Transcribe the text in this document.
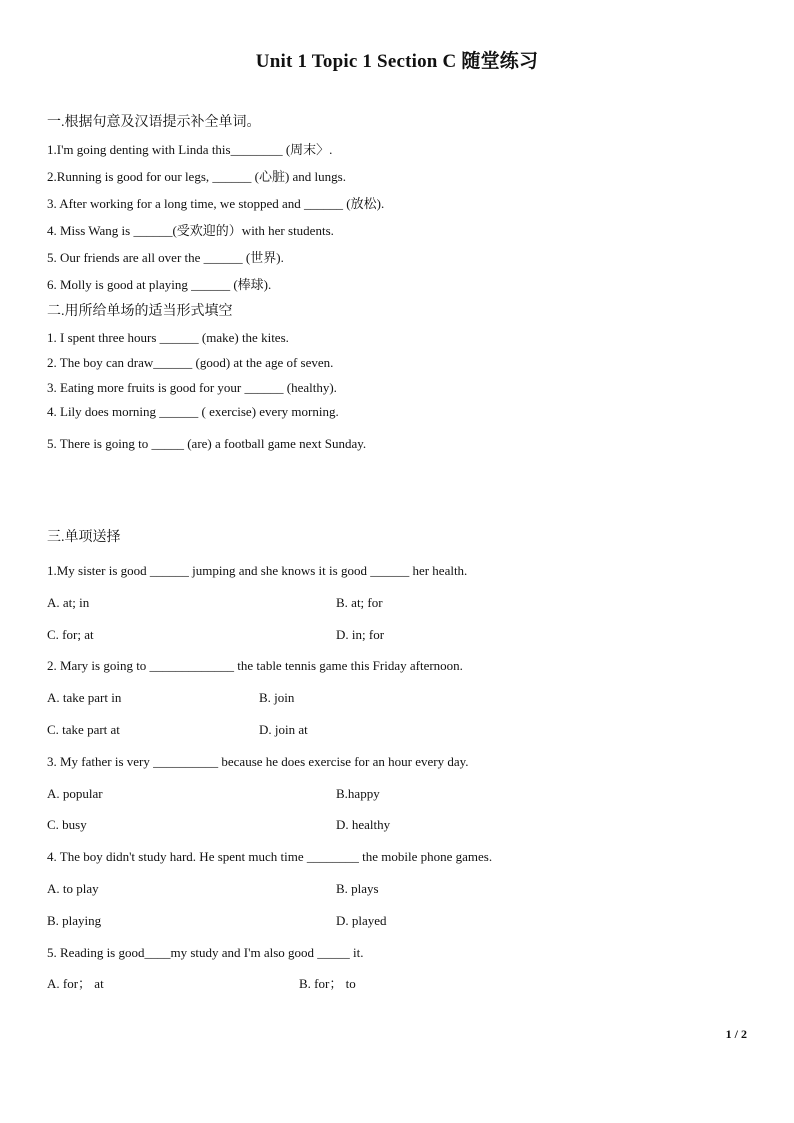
Unit 1 Topic 1 Section C 随堂练习
一.根据句意及汉语提示补全单词。
1.I'm going denting with Linda this________ (周末〉.
2.Running is good for our legs, ______ (心脏) and lungs.
3. After working for a long time, we stopped and ______ (放松).
4. Miss Wang is ______(受欢迎的）with her students.
5. Our friends are all over the ______ (世界).
6. Molly is good at playing ______ (棒球).
二.用所给单场的适当形式填空
1. I spent three hours ______ (make) the kites.
2. The boy can draw______ (good) at the age of seven.
3. Eating more fruits is good for your ______ (healthy).
4. Lily does morning ______ ( exercise) every morning.
5. There is going to _____ (are) a football game next Sunday.
三.单项送择
1.My sister is good ______ jumping and she knows it is good ______ her health.
A. at; in	B. at; for
C. for; at	D. in; for
2. Mary is going to _____________ the table tennis game this Friday afternoon.
A. take part in	B. join
C. take part at	D. join at
3. My father is very __________ because he does exercise for an hour every day.
A. popular	B.happy
C. busy	D. healthy
4. The boy didn't study hard. He spent much time ________ the mobile phone games.
A. to play	B. plays
B. playing	D. played
5. Reading is good____my study and I'm also good _____ it.
A. for； at	B. for； to
1 / 2
